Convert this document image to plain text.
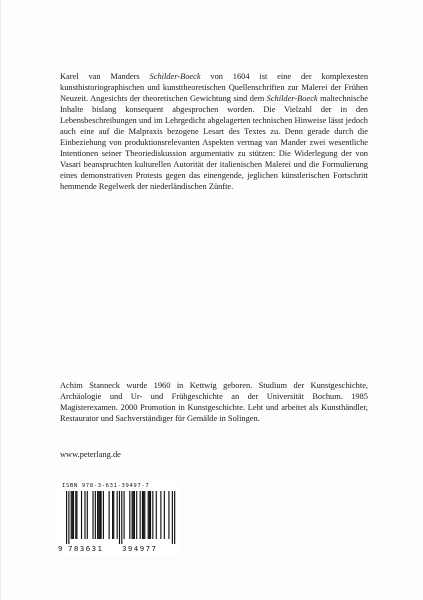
Karel van Manders Schilder-Boeck von 1604 ist eine der komplexesten kunsthistoriographischen und kunsttheoretischen Quellenschriften zur Malerei der Frühen Neuzeit. Angesichts der theoretischen Gewichtung sind dem Schilder-Boeck maltechnische Inhalte bislang konsequent abgesprochen worden. Die Vielzahl der in den Lebensbeschreibungen und im Lehrgedicht abgelagerten technischen Hinweise lässt jedoch auch eine auf die Malpraxis bezogene Lesart des Textes zu. Denn gerade durch die Einbeziehung von produktionsrelevanten Aspekten vermag van Mander zwei wesentliche Intentionen seiner Theoriediskussion argumentativ zu stützen: Die Widerlegung der von Vasari beanspruchten kulturellen Autorität der italienischen Malerei und die Formulierung eines demonstrativen Protests gegen das einengende, jeglichen künstlerischen Fortschritt hemmende Regelwerk der niederländischen Zünfte.

Achim Stanneck wurde 1960 in Kettwig geboren. Studium der Kunstgeschichte, Archäologie und Ur- und Frühgeschichte an der Universität Bochum. 1985 Magisterexamen. 2000 Promotion in Kunstgeschichte. Lebt und arbeitet als Kunsthändler, Restaurator und Sachverständiger für Gemälde in Solingen.

www.peterlang.de
ISBN 978-3-631-39497-7
9 783631	394977
